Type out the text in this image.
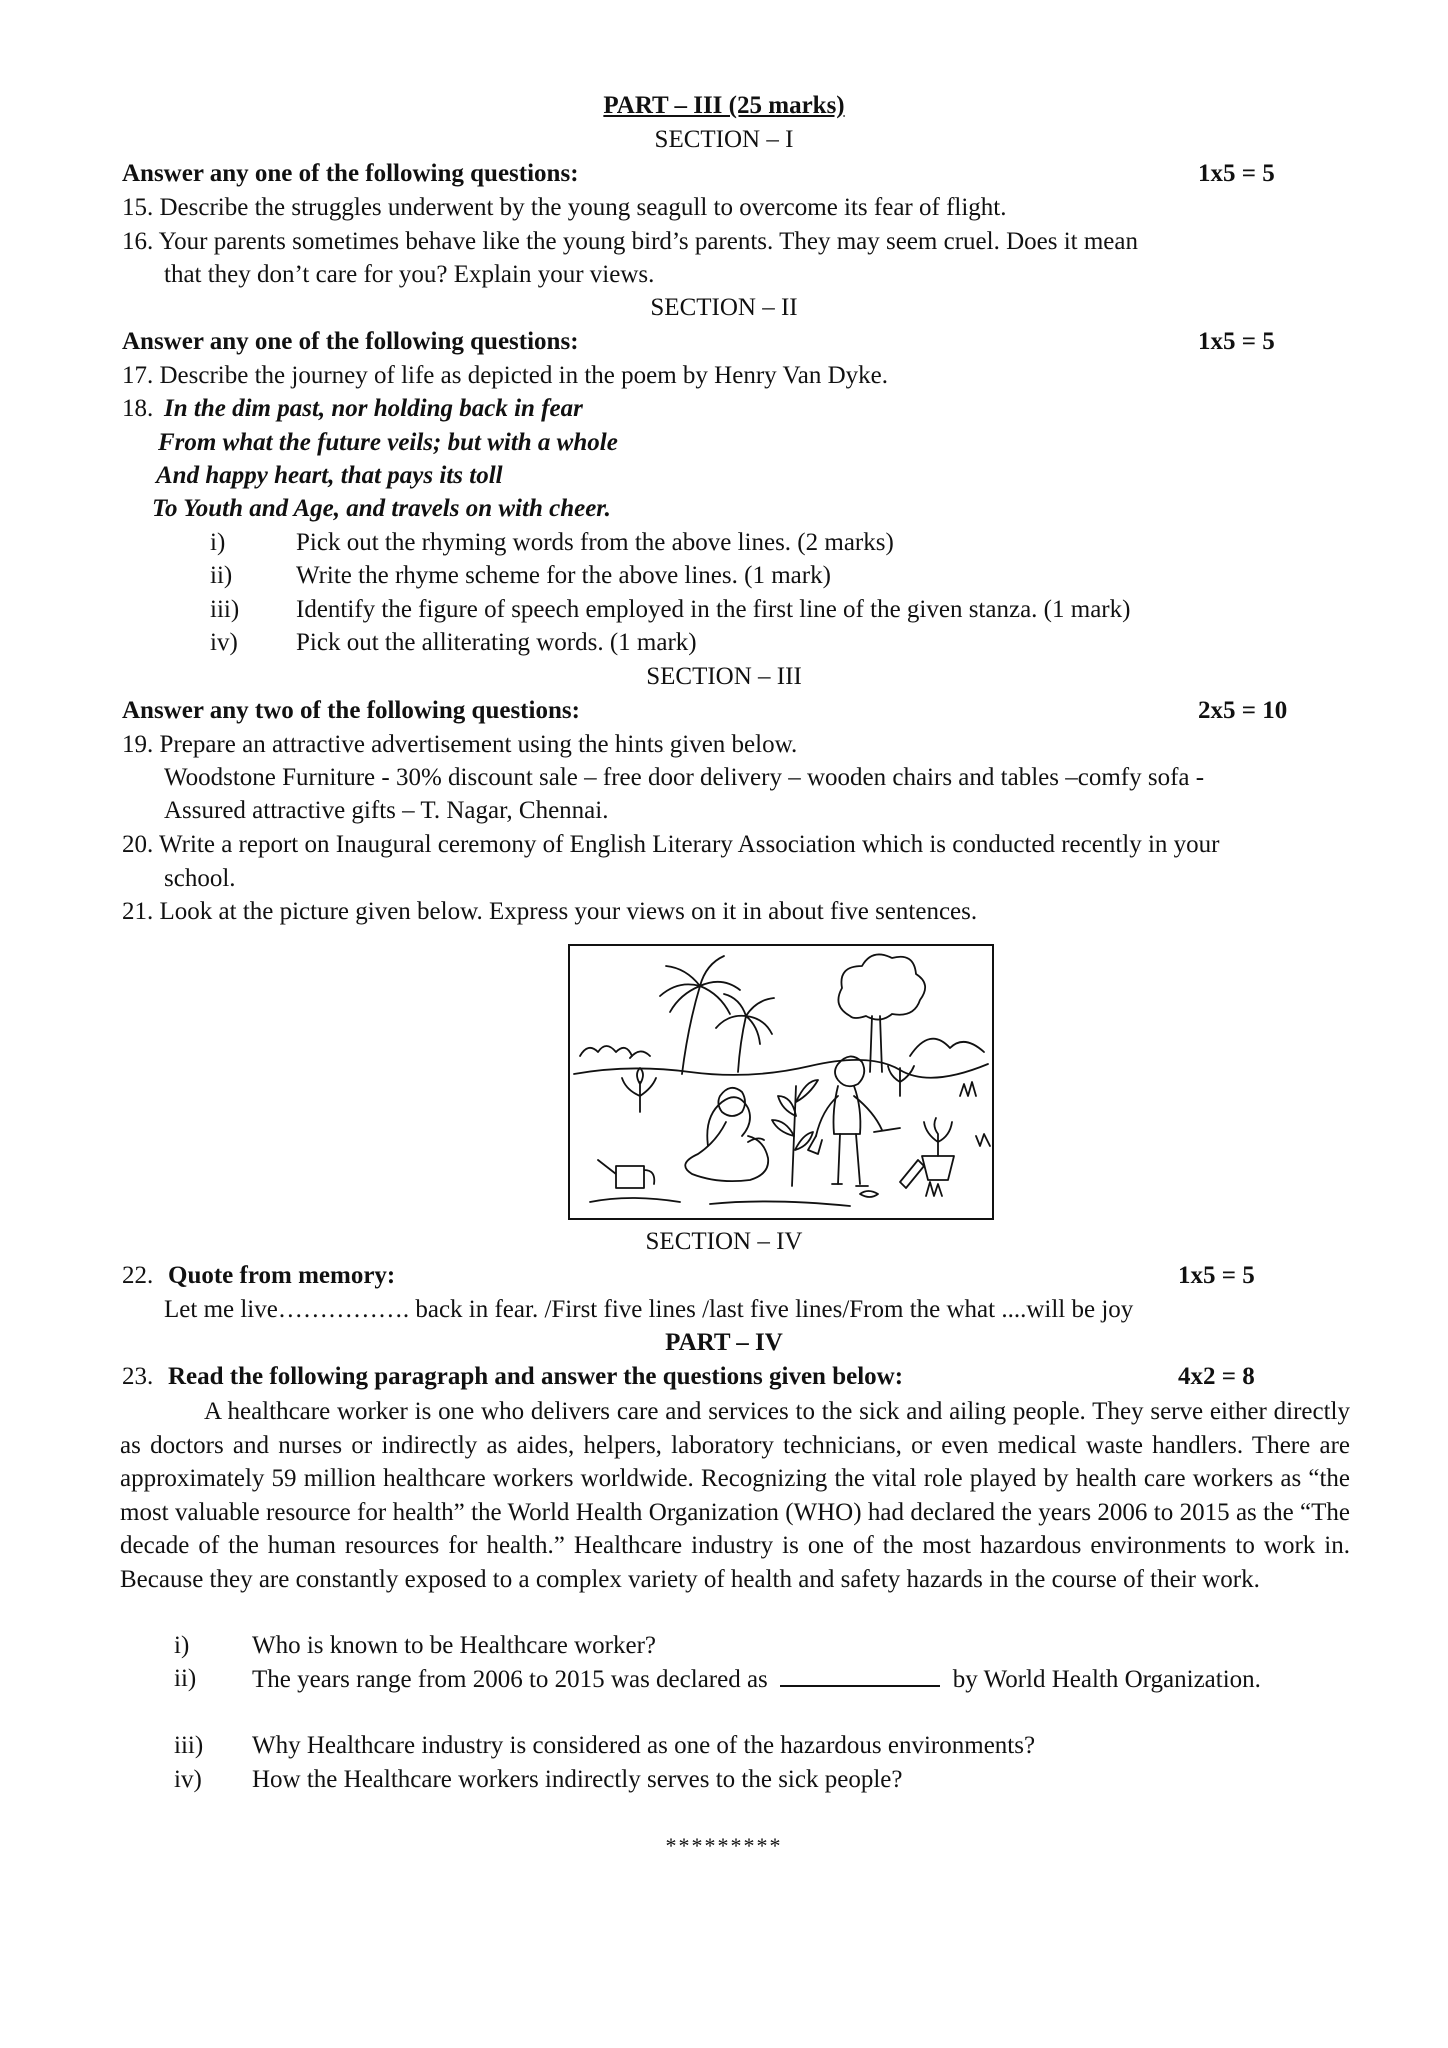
PART – III (25 marks)
SECTION – I
Answer any one of the following questions:	1x5 = 5
15. Describe the struggles underwent by the young seagull to overcome its fear of flight.
16. Your parents sometimes behave like the young bird’s parents. They may seem cruel. Does it mean
that they don’t care for you? Explain your views.
SECTION – II
Answer any one of the following questions:	1x5 = 5
17. Describe the journey of life as depicted in the poem by Henry Van Dyke.
18. In the dim past, nor holding back in fear
From what the future veils; but with a whole
And happy heart, that pays its toll
To Youth and Age, and travels on with cheer.
i)	Pick out the rhyming words from the above lines. (2 marks)
ii)	Write the rhyme scheme for the above lines. (1 mark)
iii) Identify the figure of speech employed in the first line of the given stanza. (1 mark)
iv) Pick out the alliterating words. (1 mark)
SECTION – III
Answer any two of the following questions:	2x5 = 10
19. Prepare an attractive advertisement using the hints given below.
Woodstone Furniture - 30% discount sale – free door delivery – wooden chairs and tables –comfy sofa -
Assured attractive gifts – T. Nagar, Chennai.
20. Write a report on Inaugural ceremony of English Literary Association which is conducted recently in your
school.
21. Look at the picture given below. Express your views on it in about five sentences.
SECTION – IV
22. Quote from memory:	1x5 = 5
Let me live……………. back in fear. /First five lines /last five lines/From the what ....will be joy
PART – IV
23. Read the following paragraph and answer the questions given below:	4x2 = 8

A healthcare worker is one who delivers care and services to the sick and ailing people. They serve either directly as doctors and nurses or indirectly as aides, helpers, laboratory technicians, or even medical waste handlers. There are approximately 59 million healthcare workers worldwide. Recognizing the vital role played by health care workers as “the most valuable resource for health” the World Health Organization (WHO) had declared the years 2006 to 2015 as the “The decade of the human resources for health.” Healthcare industry is one of the most hazardous environments to work in. Because they are constantly exposed to a complex variety of health and safety hazards in the course of their work.

i)	Who is known to be Healthcare worker?
ii) The years range from 2006 to 2015 was declared as	by World Health Organization.
iii) Why Healthcare industry is considered as one of the hazardous environments?
iv) How the Healthcare workers indirectly serves to the sick people?
*********
